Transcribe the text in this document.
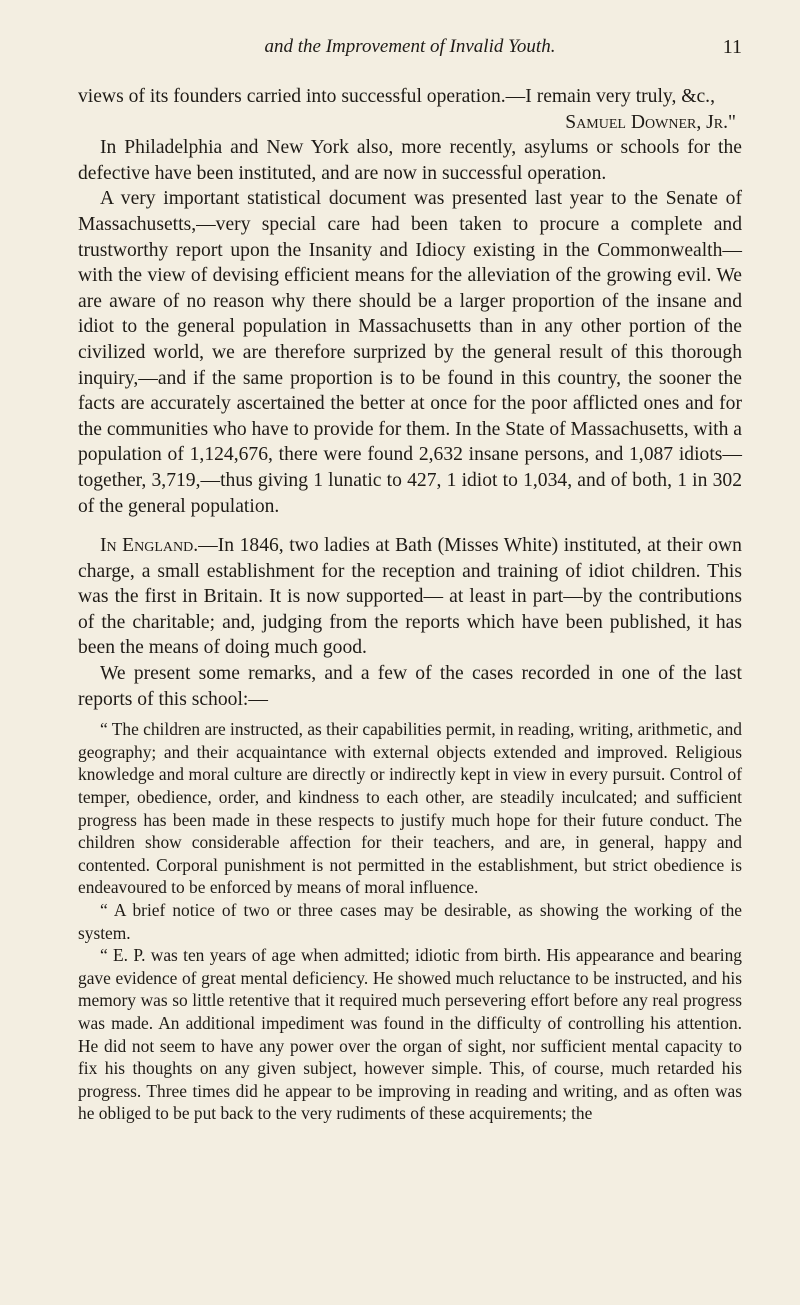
and the Improvement of Invalid Youth.	11

views of its founders carried into successful operation.—I remain very truly, &c.,

Samuel Downer, Jr."

In Philadelphia and New York also, more recently, asylums or schools for the defective have been instituted, and are now in successful operation.

A very important statistical document was presented last year to the Senate of Massachusetts,—very special care had been taken to procure a complete and trustworthy report upon the Insanity and Idiocy existing in the Commonwealth—with the view of devising efficient means for the alleviation of the growing evil. We are aware of no reason why there should be a larger proportion of the insane and idiot to the general population in Massachusetts than in any other portion of the civilized world, we are therefore surprized by the general result of this thorough inquiry,—and if the same proportion is to be found in this country, the sooner the facts are accurately ascertained the better at once for the poor afflicted ones and for the communities who have to provide for them. In the State of Massachusetts, with a population of 1,124,676, there were found 2,632 insane persons, and 1,087 idiots—together, 3,719,—thus giving 1 lunatic to 427, 1 idiot to 1,034, and of both, 1 in 302 of the general population.

In England.—In 1846, two ladies at Bath (Misses White) instituted, at their own charge, a small establishment for the reception and training of idiot children. This was the first in Britain. It is now supported— at least in part—by the contributions of the charitable; and, judging from the reports which have been published, it has been the means of doing much good.

We present some remarks, and a few of the cases recorded in one of the last reports of this school:—

“ The children are instructed, as their capabilities permit, in reading, writing, arithmetic, and geography; and their acquaintance with external objects extended and improved. Religious knowledge and moral culture are directly or indirectly kept in view in every pursuit. Control of temper, obedience, order, and kindness to each other, are steadily inculcated; and sufficient progress has been made in these respects to justify much hope for their future conduct. The children show considerable affection for their teachers, and are, in general, happy and contented. Corporal punishment is not permitted in the establishment, but strict obedience is endeavoured to be enforced by means of moral influence.

“ A brief notice of two or three cases may be desirable, as showing the working of the system.

“ E. P. was ten years of age when admitted; idiotic from birth. His appearance and bearing gave evidence of great mental deficiency. He showed much reluctance to be instructed, and his memory was so little retentive that it required much persevering effort before any real progress was made. An additional impediment was found in the difficulty of controlling his attention. He did not seem to have any power over the organ of sight, nor sufficient mental capacity to fix his thoughts on any given subject, however simple. This, of course, much retarded his progress. Three times did he appear to be improving in reading and writing, and as often was he obliged to be put back to the very rudiments of these acquirements; the
